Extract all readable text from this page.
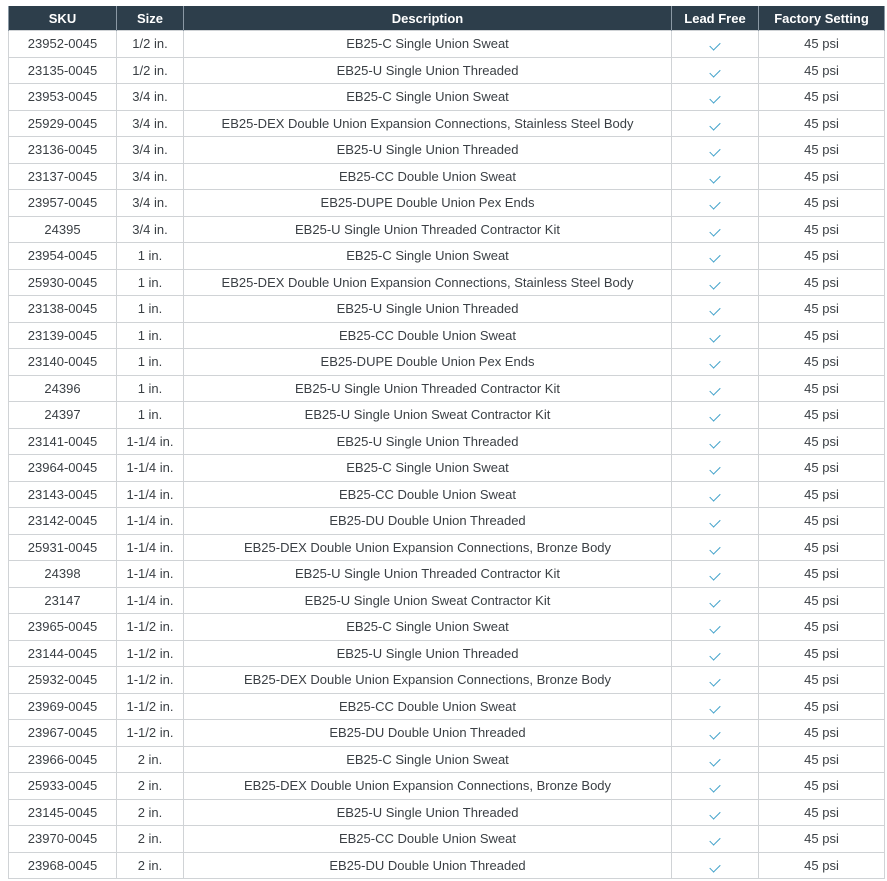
SKU	Size	Description	Lead Free	Factory Setting
23952-0045	1/2 in.	EB25-C Single Union Sweat		45 psi
23135-0045	1/2 in.	EB25-U Single Union Threaded		45 psi
23953-0045	3/4 in.	EB25-C Single Union Sweat		45 psi
25929-0045	3/4 in.	EB25-DEX Double Union Expansion Connections, Stainless Steel Body		45 psi
23136-0045	3/4 in.	EB25-U Single Union Threaded		45 psi
23137-0045	3/4 in.	EB25-CC Double Union Sweat		45 psi
23957-0045	3/4 in.	EB25-DUPE Double Union Pex Ends		45 psi
24395	3/4 in.	EB25-U Single Union Threaded Contractor Kit		45 psi
23954-0045	1 in.	EB25-C Single Union Sweat		45 psi
25930-0045	1 in.	EB25-DEX Double Union Expansion Connections, Stainless Steel Body		45 psi
23138-0045	1 in.	EB25-U Single Union Threaded		45 psi
23139-0045	1 in.	EB25-CC Double Union Sweat		45 psi
23140-0045	1 in.	EB25-DUPE Double Union Pex Ends		45 psi
24396	1 in.	EB25-U Single Union Threaded Contractor Kit		45 psi
24397	1 in.	EB25-U Single Union Sweat Contractor Kit		45 psi
23141-0045	1-1/4 in.	EB25-U Single Union Threaded		45 psi
23964-0045	1-1/4 in.	EB25-C Single Union Sweat		45 psi
23143-0045	1-1/4 in.	EB25-CC Double Union Sweat		45 psi
23142-0045	1-1/4 in.	EB25-DU Double Union Threaded		45 psi
25931-0045	1-1/4 in.	EB25-DEX Double Union Expansion Connections, Bronze Body		45 psi
24398	1-1/4 in.	EB25-U Single Union Threaded Contractor Kit		45 psi
23147	1-1/4 in.	EB25-U Single Union Sweat Contractor Kit		45 psi
23965-0045	1-1/2 in.	EB25-C Single Union Sweat		45 psi
23144-0045	1-1/2 in.	EB25-U Single Union Threaded		45 psi
25932-0045	1-1/2 in.	EB25-DEX Double Union Expansion Connections, Bronze Body		45 psi
23969-0045	1-1/2 in.	EB25-CC Double Union Sweat		45 psi
23967-0045	1-1/2 in.	EB25-DU Double Union Threaded		45 psi
23966-0045	2 in.	EB25-C Single Union Sweat		45 psi
25933-0045	2 in.	EB25-DEX Double Union Expansion Connections, Bronze Body		45 psi
23145-0045	2 in.	EB25-U Single Union Threaded		45 psi
23970-0045	2 in.	EB25-CC Double Union Sweat		45 psi
23968-0045	2 in.	EB25-DU Double Union Threaded		45 psi
